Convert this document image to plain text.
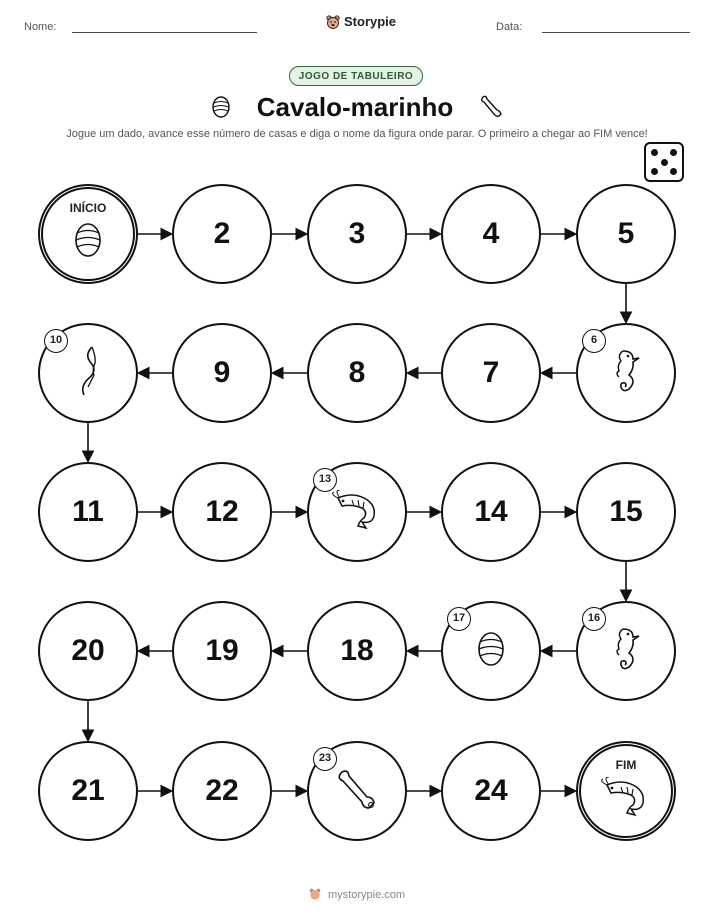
Nome:	Storypie	Data:
JOGO DE TABULEIRO
Cavalo-marinho
Jogue um dado, avance esse número de casas e diga o nome da figura onde parar. O primeiro a chegar ao FIM vence!
INÍCIO
2	3	4	5
6
7
8
9
10
11	12
13
14	15
16
17
18
19
20
21	22
23
24
FIM
mystorypie.com
